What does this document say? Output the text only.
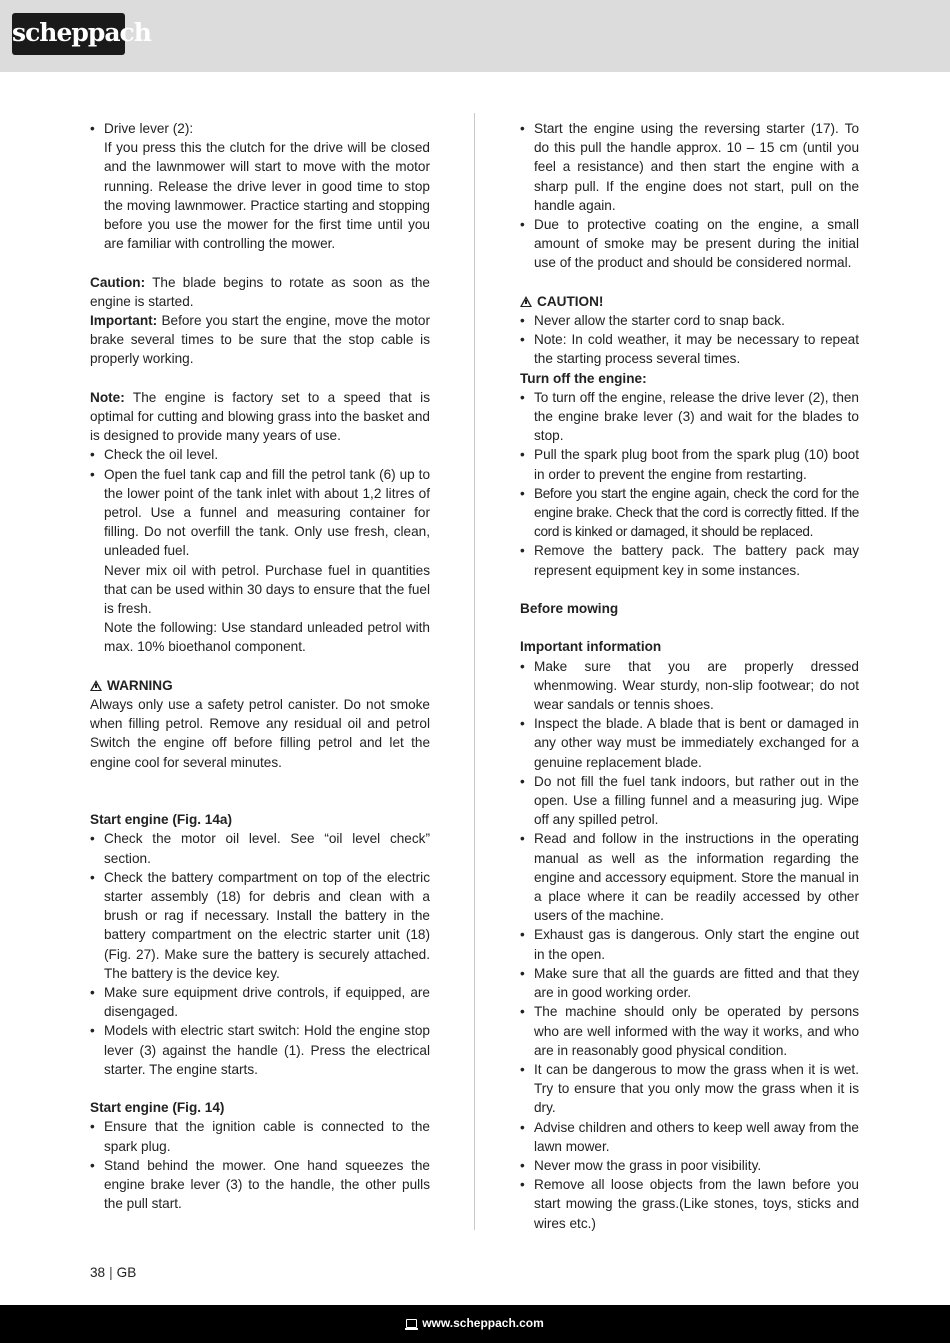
scheppach
• Drive lever (2):
If you press this the clutch for the drive will be closed and the lawnmower will start to move with the motor running. Release the drive lever in good time to stop the moving lawnmower. Practice starting and stopping before you use the mower for the first time until you are familiar with controlling the mower.

Caution: The blade begins to rotate as soon as the engine is started.

Important: Before you start the engine, move the motor brake several times to be sure that the stop cable is properly working.

Note: The engine is factory set to a speed that is optimal for cutting and blowing grass into the basket and is designed to provide many years of use.

• Check the oil level.
• Open the fuel tank cap and fill the petrol tank (6) up to the lower point of the tank inlet with about 1,2 litres of petrol. Use a funnel and measuring container for filling. Do not overfill the tank. Only use fresh, clean, unleaded fuel.
Never mix oil with petrol. Purchase fuel in quantities that can be used within 30 days to ensure that the fuel is fresh.
Note the following: Use standard unleaded petrol with max. 10% bioethanol component.
WARNING

Always only use a safety petrol canister. Do not smoke when filling petrol. Remove any residual oil and petrol Switch the engine off before filling petrol and let the engine cool for several minutes.

Start engine (Fig. 14a)
• Check the motor oil level. See “oil level check” section.
• Check the battery compartment on top of the electric starter assembly (18) for debris and clean with a brush or rag if necessary. Install the battery in the battery compartment on the electric starter unit (18) (Fig. 27). Make sure the battery is securely attached. The battery is the device key.
• Make sure equipment drive controls, if equipped, are disengaged.
• Models with electric start switch: Hold the engine stop lever (3) against the handle (1). Press the electrical starter. The engine starts.
Start engine (Fig. 14)
• Ensure that the ignition cable is connected to the spark plug.
• Stand behind the mower. One hand squeezes the engine brake lever (3) to the handle, the other pulls the pull start.
• Start the engine using the reversing starter (17). To do this pull the handle approx. 10 – 15 cm (until you feel a resistance) and then start the engine with a sharp pull. If the engine does not start, pull on the handle again.
• Due to protective coating on the engine, a small amount of smoke may be present during the initial use of the product and should be considered normal.
CAUTION!
• Never allow the starter cord to snap back.
• Note: In cold weather, it may be necessary to repeat the starting process several times.
Turn off the engine:
• To turn off the engine, release the drive lever (2), then the engine brake lever (3) and wait for the blades to stop.
• Pull the spark plug boot from the spark plug (10) boot in order to prevent the engine from restarting.
• Before you start the engine again, check the cord for the engine brake. Check that the cord is correctly fitted. If the cord is kinked or damaged, it should be replaced.
• Remove the battery pack. The battery pack may represent equipment key in some instances.
Before mowing
Important information
• Make sure that you are properly dressed whenmowing. Wear sturdy, non-slip footwear; do not wear sandals or tennis shoes.
• Inspect the blade. A blade that is bent or damaged in any other way must be immediately exchanged for a genuine replacement blade.
• Do not fill the fuel tank indoors, but rather out in the open. Use a filling funnel and a measuring jug. Wipe off any spilled petrol.
• Read and follow in the instructions in the operating manual as well as the information regarding the engine and accessory equipment. Store the manual in a place where it can be readily accessed by other users of the machine.
• Exhaust gas is dangerous. Only start the engine out in the open.
• Make sure that all the guards are fitted and that they are in good working order.
• The machine should only be operated by persons who are well informed with the way it works, and who are in reasonably good physical condition.
• It can be dangerous to mow the grass when it is wet. Try to ensure that you only mow the grass when it is dry.
• Advise children and others to keep well away from the lawn mower.
• Never mow the grass in poor visibility.
• Remove all loose objects from the lawn before you start mowing the grass.(Like stones, toys, sticks and wires etc.)
38 | GB
www.scheppach.com
